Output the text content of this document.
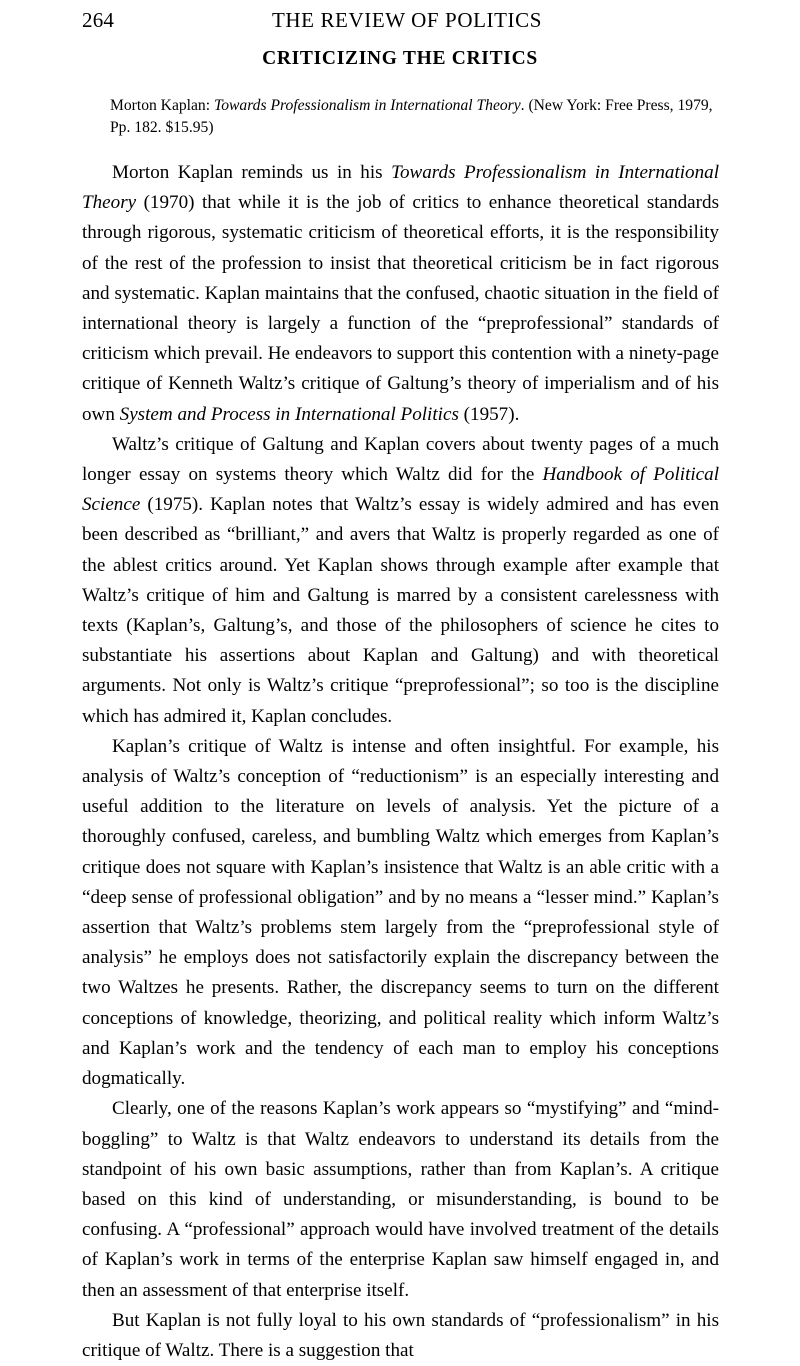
264	THE REVIEW OF POLITICS
CRITICIZING THE CRITICS
Morton Kaplan: Towards Professionalism in International Theory. (New York: Free Press, 1979, Pp. 182. $15.95)

Morton Kaplan reminds us in his Towards Professionalism in International Theory (1970) that while it is the job of critics to enhance theoretical standards through rigorous, systematic criticism of theoretical efforts, it is the responsibility of the rest of the profession to insist that theoretical criticism be in fact rigorous and systematic. Kaplan maintains that the confused, chaotic situation in the field of international theory is largely a function of the “preprofessional” standards of criticism which prevail. He endeavors to support this contention with a ninety-page critique of Kenneth Waltz’s critique of Galtung’s theory of imperialism and of his own System and Process in International Politics (1957).

Waltz’s critique of Galtung and Kaplan covers about twenty pages of a much longer essay on systems theory which Waltz did for the Handbook of Political Science (1975). Kaplan notes that Waltz’s essay is widely admired and has even been described as “brilliant,” and avers that Waltz is properly regarded as one of the ablest critics around. Yet Kaplan shows through example after example that Waltz’s critique of him and Galtung is marred by a consistent carelessness with texts (Kaplan’s, Galtung’s, and those of the philosophers of science he cites to substantiate his assertions about Kaplan and Galtung) and with theoretical arguments. Not only is Waltz’s critique “preprofessional”; so too is the discipline which has admired it, Kaplan concludes.

Kaplan’s critique of Waltz is intense and often insightful. For example, his analysis of Waltz’s conception of “reductionism” is an especially interesting and useful addition to the literature on levels of analysis. Yet the picture of a thoroughly confused, careless, and bumbling Waltz which emerges from Kaplan’s critique does not square with Kaplan’s insistence that Waltz is an able critic with a “deep sense of professional obligation” and by no means a “lesser mind.” Kaplan’s assertion that Waltz’s problems stem largely from the “preprofessional style of analysis” he employs does not satisfactorily explain the discrepancy between the two Waltzes he presents. Rather, the discrepancy seems to turn on the different conceptions of knowledge, theorizing, and political reality which inform Waltz’s and Kaplan’s work and the tendency of each man to employ his conceptions dogmatically.

Clearly, one of the reasons Kaplan’s work appears so “mystifying” and “mind-boggling” to Waltz is that Waltz endeavors to understand its details from the standpoint of his own basic assumptions, rather than from Kaplan’s. A critique based on this kind of understanding, or misunderstanding, is bound to be confusing. A “professional” approach would have involved treatment of the details of Kaplan’s work in terms of the enterprise Kaplan saw himself engaged in, and then an assessment of that enterprise itself.

But Kaplan is not fully loyal to his own standards of “professionalism” in his critique of Waltz. There is a suggestion that
